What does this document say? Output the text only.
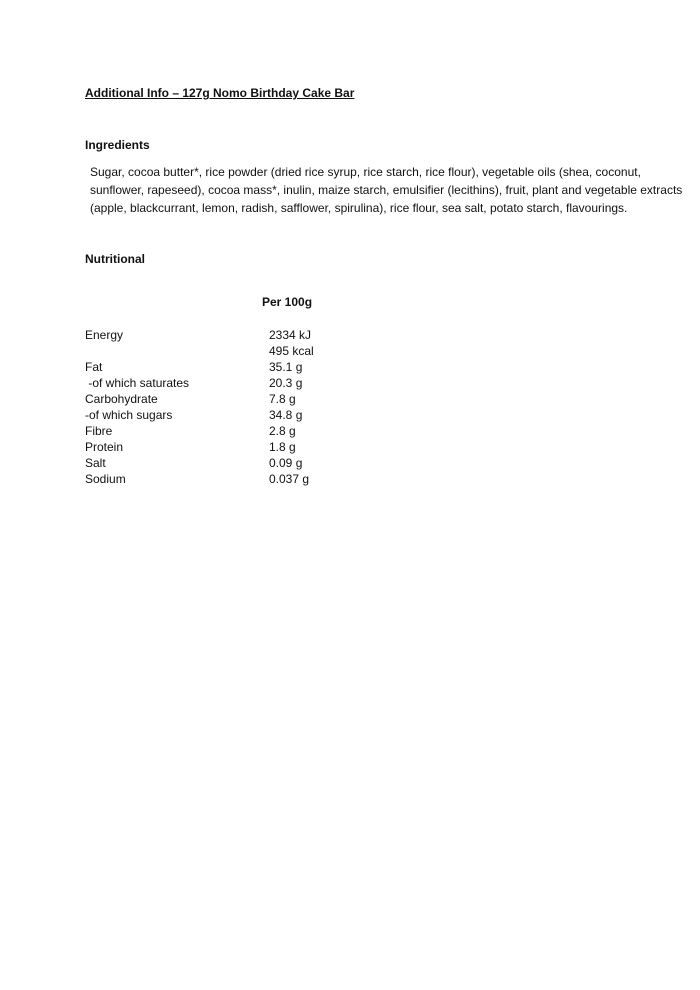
Additional Info – 127g Nomo Birthday Cake Bar
Ingredients
Sugar, cocoa butter*, rice powder (dried rice syrup, rice starch, rice flour), vegetable oils (shea, coconut,
sunflower, rapeseed), cocoa mass*, inulin, maize starch, emulsifier (lecithins), fruit, plant and vegetable extracts
(apple, blackcurrant, lemon, radish, safflower, spirulina), rice flour, sea salt, potato starch, flavourings.
Nutritional
Per 100g
Energy	2334 kJ
495 kcal
Fat	35.1 g
-of which saturates	20.3 g
Carbohydrate	7.8 g
-of which sugars	34.8 g
Fibre	2.8 g
Protein	1.8 g
Salt	0.09 g
Sodium	0.037 g
